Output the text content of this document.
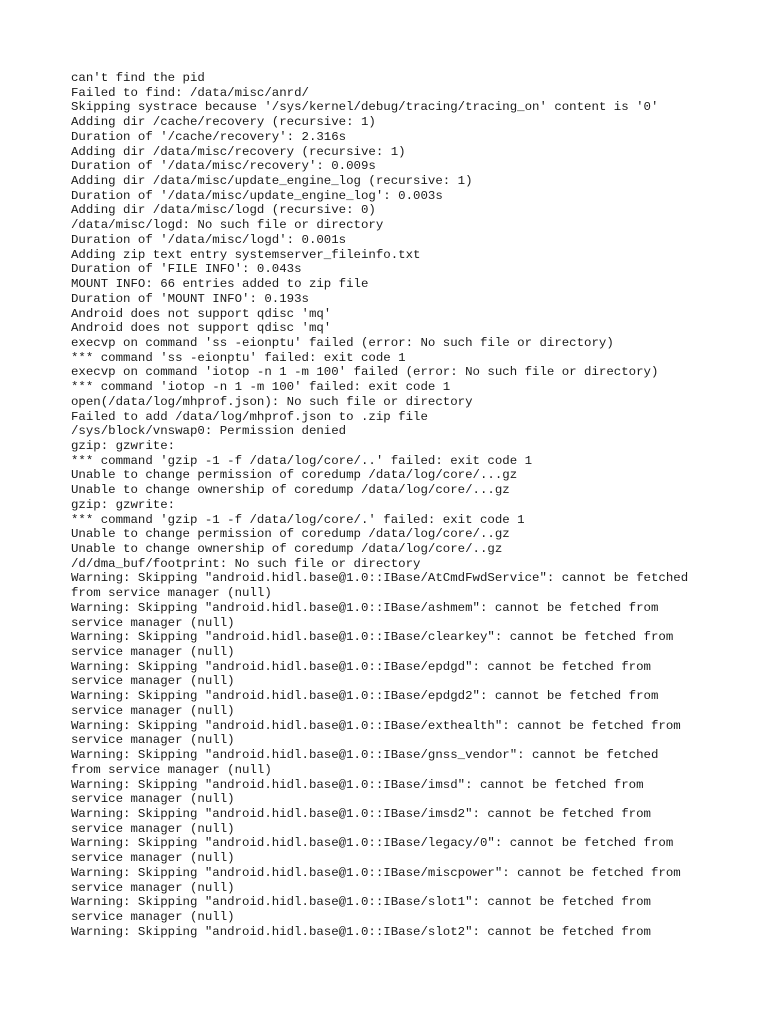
can't find the pid
Failed to find: /data/misc/anrd/
Skipping systrace because '/sys/kernel/debug/tracing/tracing_on' content is '0'
Adding dir /cache/recovery (recursive: 1)
Duration of '/cache/recovery': 2.316s
Adding dir /data/misc/recovery (recursive: 1)
Duration of '/data/misc/recovery': 0.009s
Adding dir /data/misc/update_engine_log (recursive: 1)
Duration of '/data/misc/update_engine_log': 0.003s
Adding dir /data/misc/logd (recursive: 0)
/data/misc/logd: No such file or directory
Duration of '/data/misc/logd': 0.001s
Adding zip text entry systemserver_fileinfo.txt
Duration of 'FILE INFO': 0.043s
MOUNT INFO: 66 entries added to zip file
Duration of 'MOUNT INFO': 0.193s
Android does not support qdisc 'mq'
Android does not support qdisc 'mq'
execvp on command 'ss -eionptu' failed (error: No such file or directory)
*** command 'ss -eionptu' failed: exit code 1
execvp on command 'iotop -n 1 -m 100' failed (error: No such file or directory)
*** command 'iotop -n 1 -m 100' failed: exit code 1
open(/data/log/mhprof.json): No such file or directory
Failed to add /data/log/mhprof.json to .zip file
/sys/block/vnswap0: Permission denied
gzip: gzwrite:
*** command 'gzip -1 -f /data/log/core/..' failed: exit code 1
Unable to change permission of coredump /data/log/core/...gz
Unable to change ownership of coredump /data/log/core/...gz
gzip: gzwrite:
*** command 'gzip -1 -f /data/log/core/.' failed: exit code 1
Unable to change permission of coredump /data/log/core/..gz
Unable to change ownership of coredump /data/log/core/..gz
/d/dma_buf/footprint: No such file or directory
Warning: Skipping "android.hidl.base@1.0::IBase/AtCmdFwdService": cannot be fetched
from service manager (null)
Warning: Skipping "android.hidl.base@1.0::IBase/ashmem": cannot be fetched from
service manager (null)
Warning: Skipping "android.hidl.base@1.0::IBase/clearkey": cannot be fetched from
service manager (null)
Warning: Skipping "android.hidl.base@1.0::IBase/epdgd": cannot be fetched from
service manager (null)
Warning: Skipping "android.hidl.base@1.0::IBase/epdgd2": cannot be fetched from
service manager (null)
Warning: Skipping "android.hidl.base@1.0::IBase/exthealth": cannot be fetched from
service manager (null)
Warning: Skipping "android.hidl.base@1.0::IBase/gnss_vendor": cannot be fetched
from service manager (null)
Warning: Skipping "android.hidl.base@1.0::IBase/imsd": cannot be fetched from
service manager (null)
Warning: Skipping "android.hidl.base@1.0::IBase/imsd2": cannot be fetched from
service manager (null)
Warning: Skipping "android.hidl.base@1.0::IBase/legacy/0": cannot be fetched from
service manager (null)
Warning: Skipping "android.hidl.base@1.0::IBase/miscpower": cannot be fetched from
service manager (null)
Warning: Skipping "android.hidl.base@1.0::IBase/slot1": cannot be fetched from
service manager (null)
Warning: Skipping "android.hidl.base@1.0::IBase/slot2": cannot be fetched from
